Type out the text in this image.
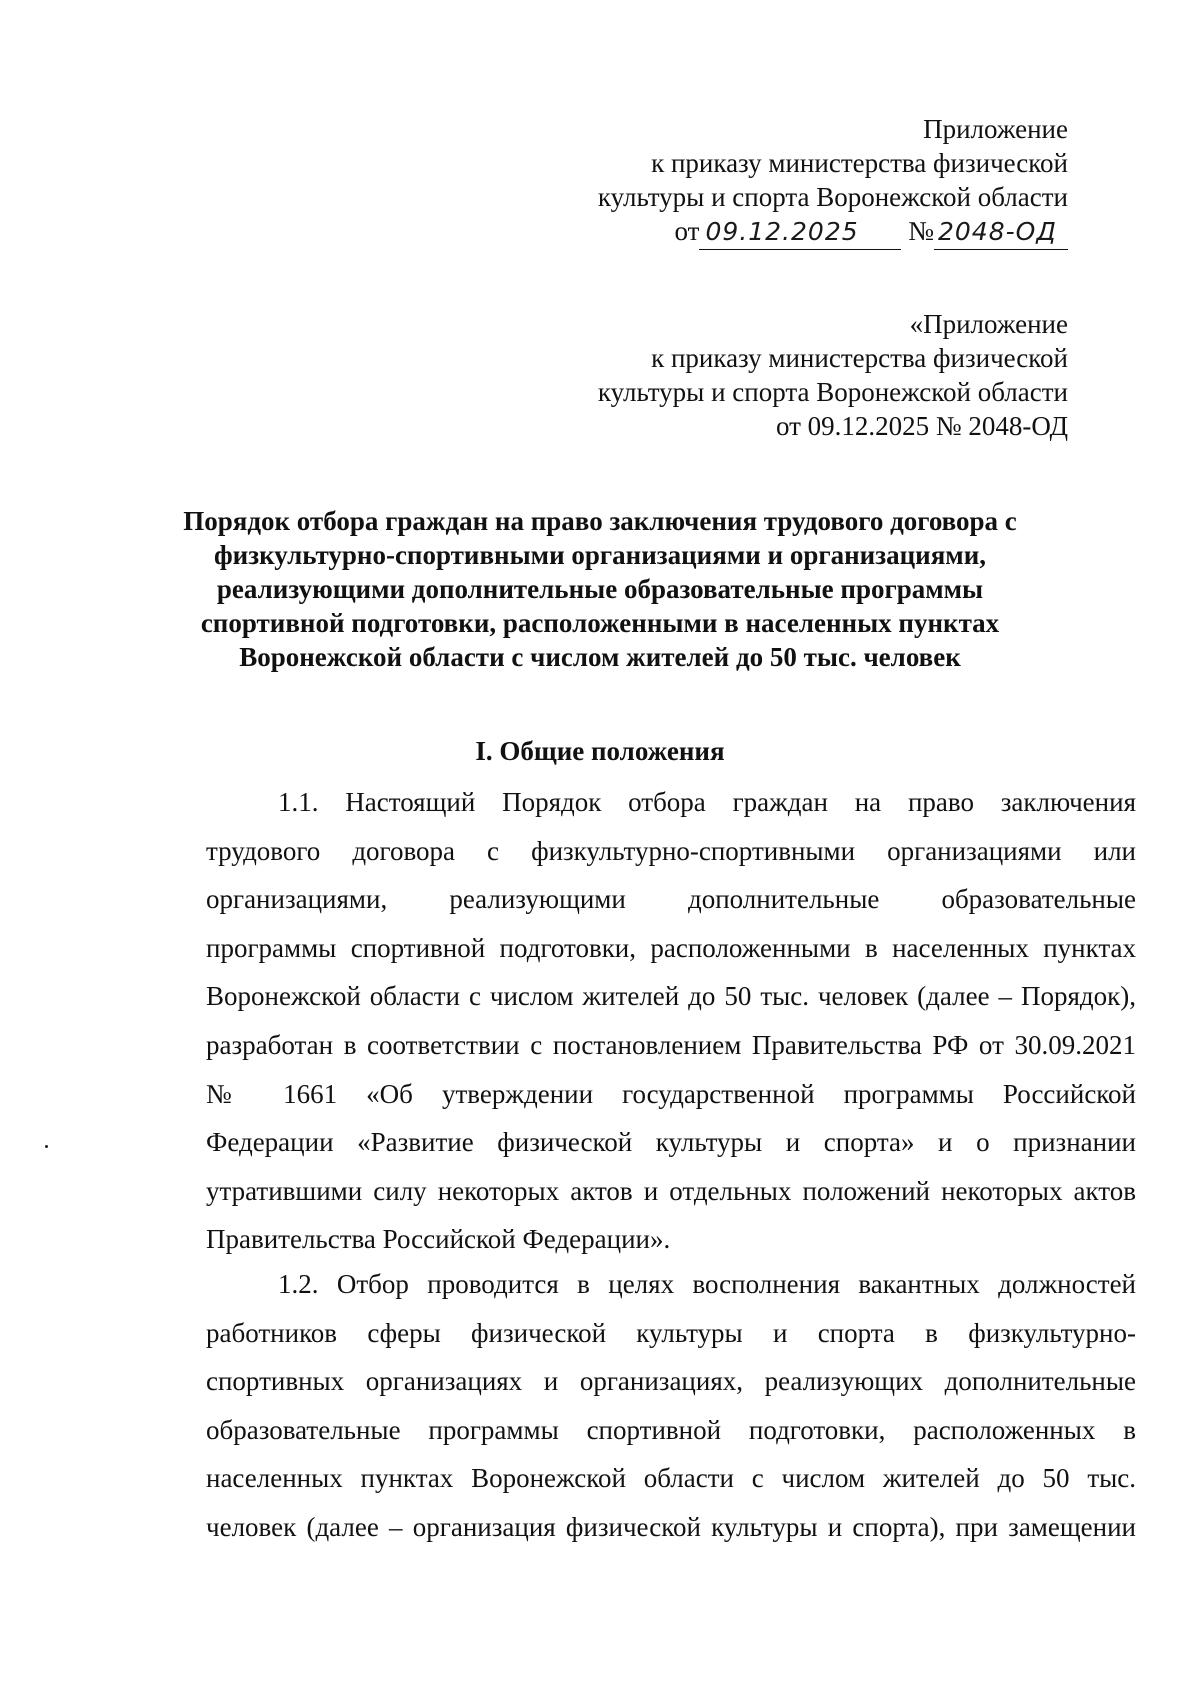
Приложение
к приказу министерства физической
культуры и спорта Воронежской области
от 09.12.2025 № 2048-ОД
«Приложение
к приказу министерства физической
культуры и спорта Воронежской области
от 09.12.2025 № 2048-ОД
Порядок отбора граждан на право заключения трудового договора с
физкультурно-спортивными организациями и организациями,
реализующими дополнительные образовательные программы
спортивной подготовки, расположенными в населенных пунктах
Воронежской области с числом жителей до 50 тыс. человек
I. Общие положения
1.1. Настоящий Порядок отбора граждан на право заключения
трудового договора с физкультурно-спортивными организациями или
организациями, реализующими дополнительные образовательные
программы спортивной подготовки, расположенными в населенных пунктах
Воронежской области с числом жителей до 50 тыс. человек (далее – Порядок),
разработан в соответствии с постановлением Правительства РФ от 30.09.2021
№ 1661 «Об утверждении государственной программы Российской
Федерации «Развитие физической культуры и спорта» и о признании
утратившими силу некоторых актов и отдельных положений некоторых актов
Правительства Российской Федерации».
1.2. Отбор проводится в целях восполнения вакантных должностей
работников сферы физической культуры и спорта в физкультурно-
спортивных организациях и организациях, реализующих дополнительные
образовательные программы спортивной подготовки, расположенных в
населенных пунктах Воронежской области с числом жителей до 50 тыс.
человек (далее – организация физической культуры и спорта), при замещении
